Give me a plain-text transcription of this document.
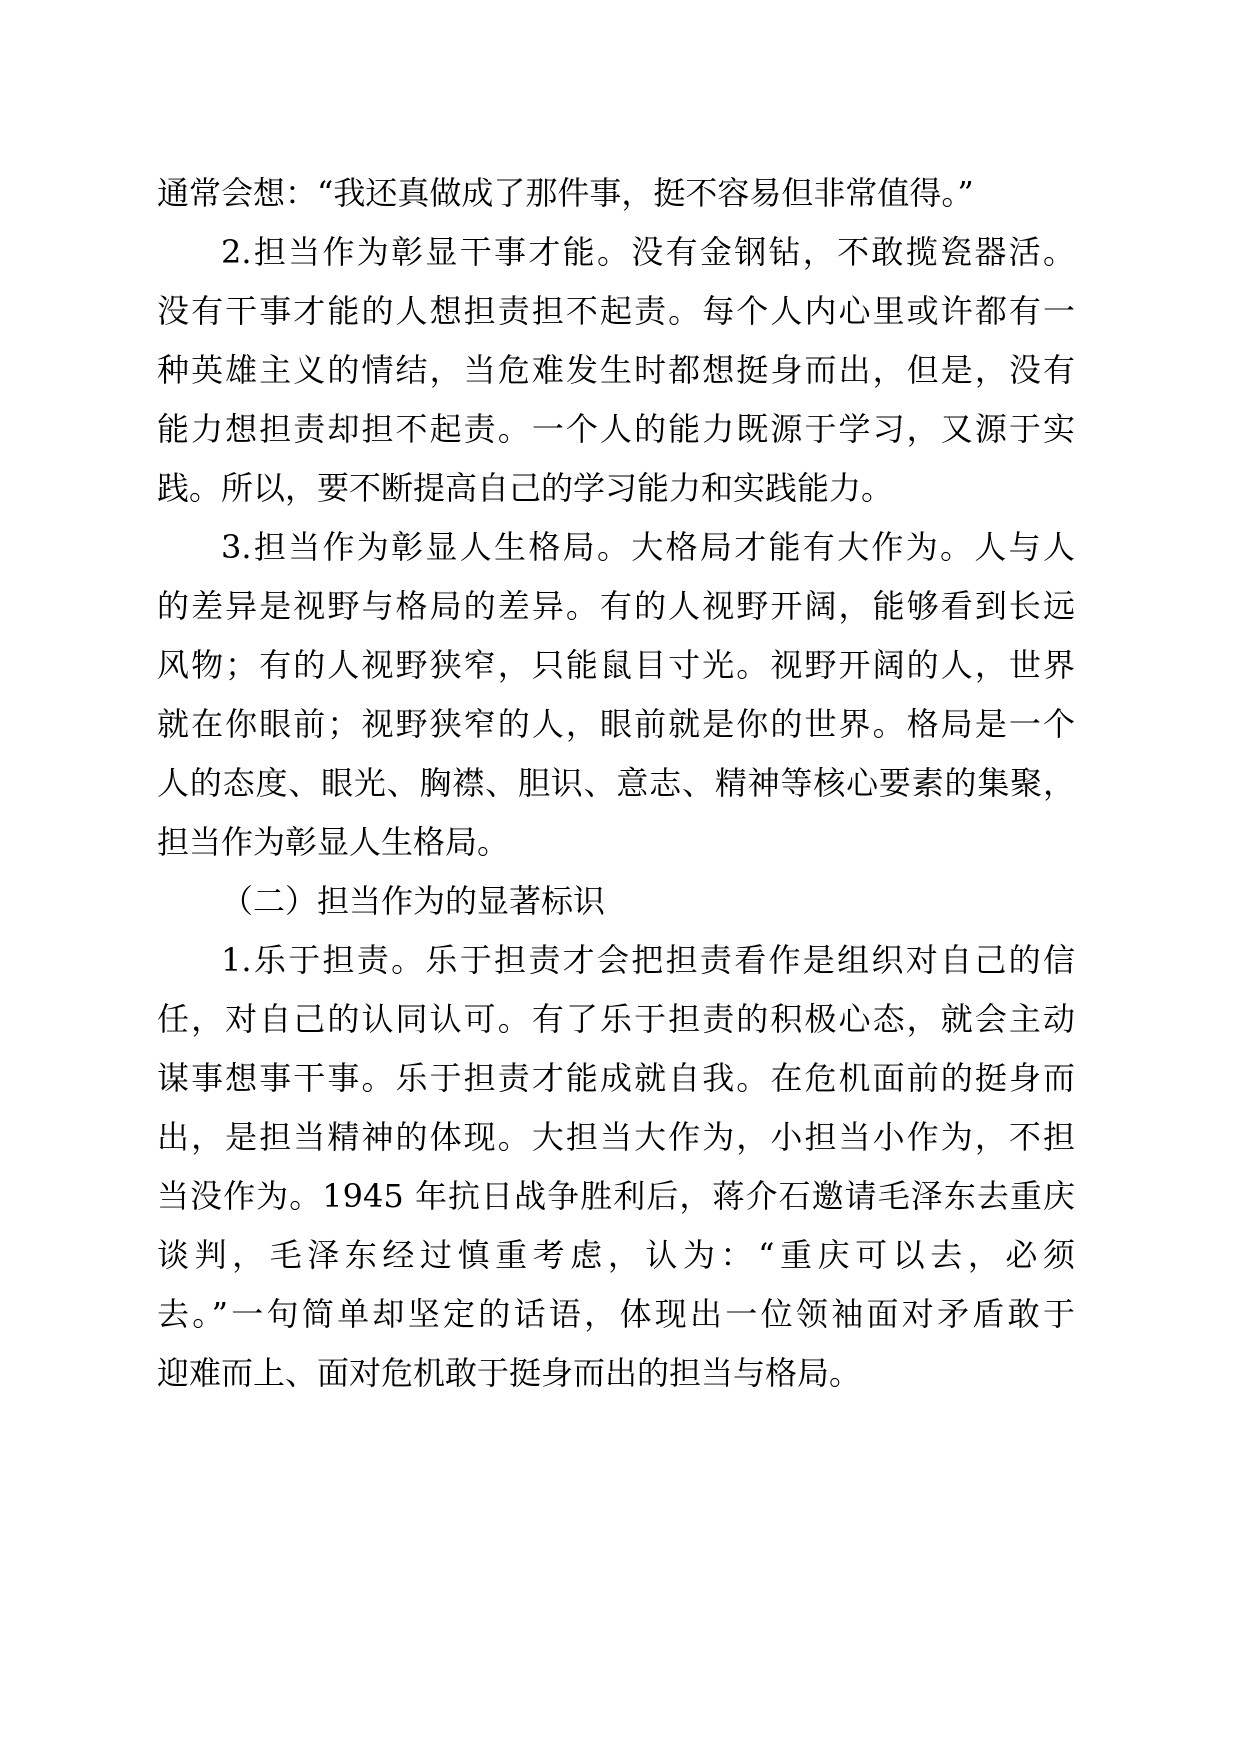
通常会想：“我还真做成了那件事，挺不容易但非常值得。”
2.担当作为彰显干事才能。没有金钢钻，不敢揽瓷器活。
没有干事才能的人想担责担不起责。每个人内心里或许都有一
种英雄主义的情结，当危难发生时都想挺身而出，但是，没有
能力想担责却担不起责。一个人的能力既源于学习，又源于实
践。所以，要不断提高自己的学习能力和实践能力。
3.担当作为彰显人生格局。大格局才能有大作为。人与人
的差异是视野与格局的差异。有的人视野开阔，能够看到长远
风物；有的人视野狭窄，只能鼠目寸光。视野开阔的人，世界
就在你眼前；视野狭窄的人，眼前就是你的世界。格局是一个
人的态度、眼光、胸襟、胆识、意志、精神等核心要素的集聚，
担当作为彰显人生格局。
（二）担当作为的显著标识
1.乐于担责。乐于担责才会把担责看作是组织对自己的信
任，对自己的认同认可。有了乐于担责的积极心态，就会主动
谋事想事干事。乐于担责才能成就自我。在危机面前的挺身而
出，是担当精神的体现。大担当大作为，小担当小作为，不担
当没作为。1945 年抗日战争胜利后，蒋介石邀请毛泽东去重庆
谈判，毛泽东经过慎重考虑，认为：“重庆可以去，必须
去。”一句简单却坚定的话语，体现出一位领袖面对矛盾敢于
迎难而上、面对危机敢于挺身而出的担当与格局。
